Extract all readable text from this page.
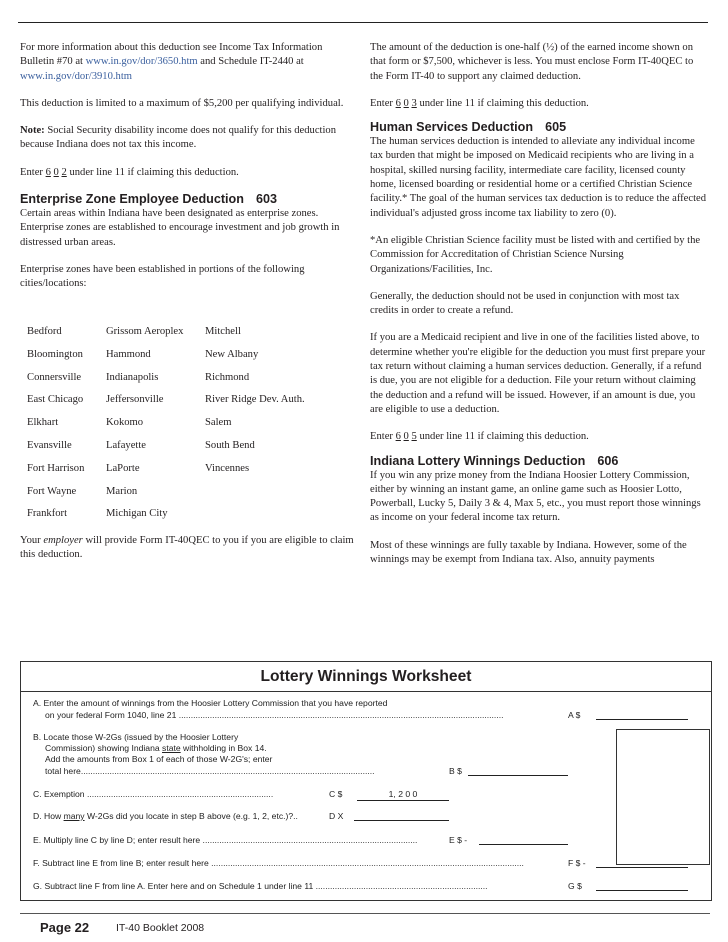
For more information about this deduction see Income Tax Information Bulletin #70 at www.in.gov/dor/3650.htm and Schedule IT-2440 at www.in.gov/dor/3910.htm

This deduction is limited to a maximum of $5,200 per qualifying individual.

Note: Social Security disability income does not qualify for this deduction because Indiana does not tax this income.

Enter 6 0 2 under line 11 if claiming this deduction.

Enterprise Zone Employee Deduction 603

Certain areas within Indiana have been designated as enterprise zones. Enterprise zones are established to encourage investment and job growth in distressed urban areas.

Enterprise zones have been established in portions of the following cities/locations:

Bedford	Grissom Aeroplex	Mitchell
Bloomington	Hammond	New Albany
Connersville	Indianapolis	Richmond
East Chicago	Jeffersonville	River Ridge Dev. Auth.
Elkhart	Kokomo	Salem
Evansville	Lafayette	South Bend
Fort Harrison	LaPorte	Vincennes
Fort Wayne	Marion
Frankfort	Michigan City
Your employer will provide Form IT-40QEC to you if you are eligible to claim this deduction.

The amount of the deduction is one-half (½) of the earned income shown on that form or $7,500, whichever is less. You must enclose Form IT-40QEC to the Form IT-40 to support any claimed deduction.

Enter 6 0 3 under line 11 if claiming this deduction.

Human Services Deduction 605

The human services deduction is intended to alleviate any individual income tax burden that might be imposed on Medicaid recipients who are living in a hospital, skilled nursing facility, intermediate care facility, licensed county home, licensed boarding or residential home or a certified Christian Science facility.* The goal of the human services tax deduction is to reduce the affected individual's adjusted gross income tax liability to zero (0).

*An eligible Christian Science facility must be listed with and certified by the Commission for Accreditation of Christian Science Nursing Organizations/Facilities, Inc.

Generally, the deduction should not be used in conjunction with most tax credits in order to create a refund.

If you are a Medicaid recipient and live in one of the facilities listed above, to determine whether you're eligible for the deduction you must first prepare your tax return without claiming a human services deduction. Generally, if a refund is due, you are not eligible for a deduction. File your return without claiming the deduction and a refund will be issued. However, if an amount is due, you are eligible to use a deduction.

Enter 6 0 5 under line 11 if claiming this deduction.

Indiana Lottery Winnings Deduction 606

If you win any prize money from the Indiana Hoosier Lottery Commission, either by winning an instant game, an online game such as Hoosier Lotto, Powerball, Lucky 5, Daily 3 & 4, Max 5, etc., you must report those winnings as income on your federal income tax return.

Most of these winnings are fully taxable by Indiana. However, some of the winnings may be exempt from Indiana tax. Also, annuity payments

Lottery Winnings Worksheet
A. Enter the amount of winnings from the Hoosier Lottery Commission that you have reported
on your federal Form 1040, line 21 ........................................................................................................................................	A $
B. Locate those W-2Gs (issued by the Hoosier Lottery
Commission) showing Indiana state withholding in Box 14.
Add the amounts from Box 1 of each of those W-2G's; enter
total here...........................................................................................................................	B $
C. Exemption ..............................................................................	C $	1, 2 0 0
D. How many W-2Gs did you locate in step B above (e.g. 1, 2, etc.)?..	D X
E. Multiply line C by line D; enter result here ..........................................................................................	E $ -
F. Subtract line E from line B; enter result here ...................................................................................................................................	F $ -
G. Subtract line F from line A. Enter here and on Schedule 1 under line 11 ........................................................................	G $
Page 22	IT-40 Booklet 2008
